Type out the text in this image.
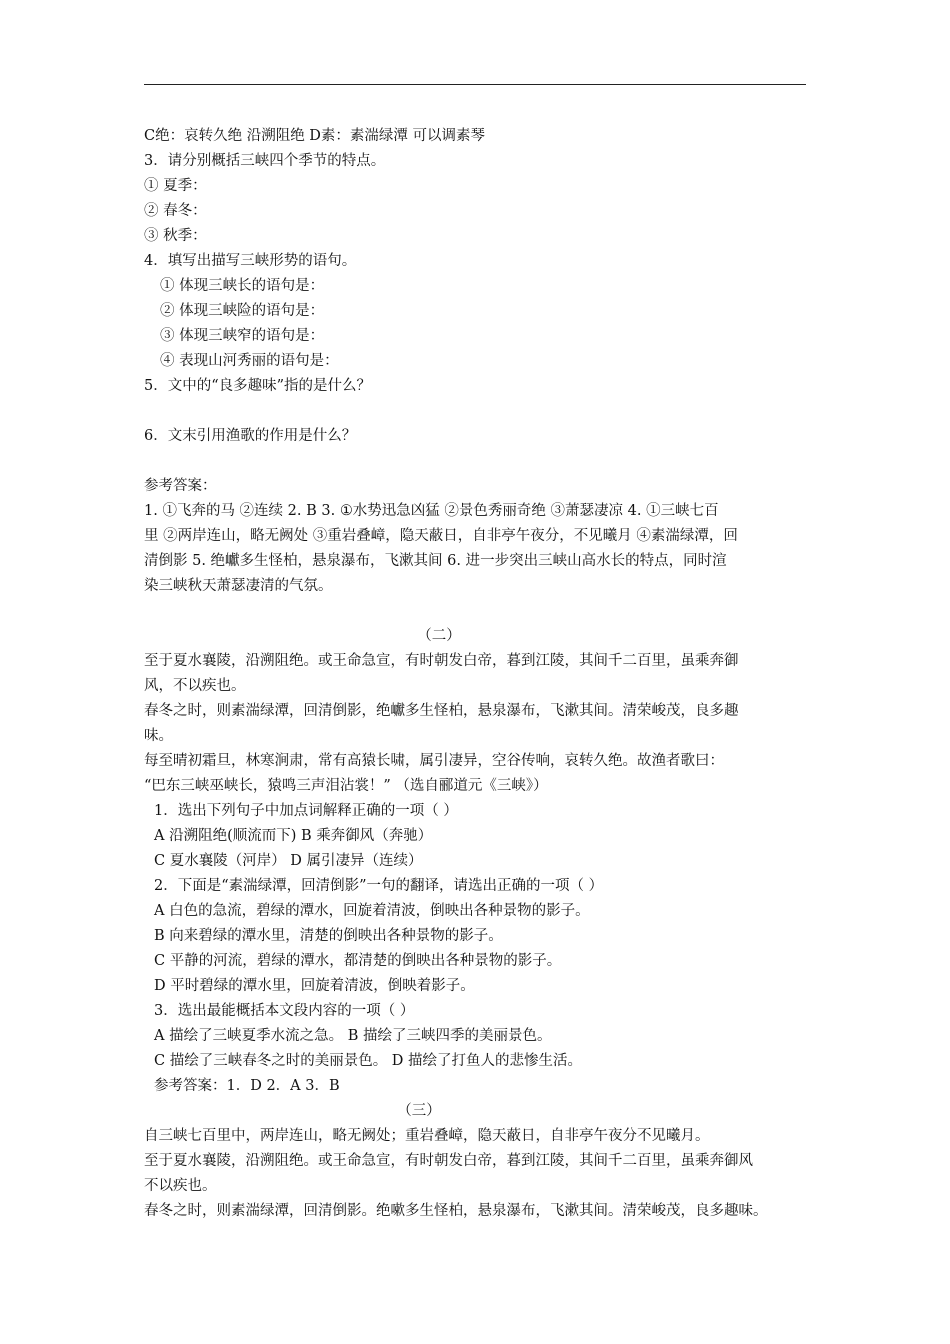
C绝：哀转久绝 沿溯阻绝 D素：素湍绿潭 可以调素琴
3．请分别概括三峡四个季节的特点。
① 夏季：
② 春冬：
③ 秋季：
4．填写出描写三峡形势的语句。
① 体现三峡长的语句是：
② 体现三峡险的语句是：
③ 体现三峡窄的语句是：
④ 表现山河秀丽的语句是：
5．文中的“良多趣味”指的是什么？
6．文末引用渔歌的作用是什么？
参考答案：
1. ①飞奔的马 ②连续 2. B 3. ①水势迅急凶猛 ②景色秀丽奇绝 ③萧瑟凄凉 4. ①三峡七百
里 ②两岸连山，略无阙处 ③重岩叠嶂，隐天蔽日，自非亭午夜分，不见曦月 ④素湍绿潭，回
清倒影 5. 绝巘多生怪柏，悬泉瀑布，飞漱其间 6. 进一步突出三峡山高水长的特点，同时渲
染三峡秋天萧瑟凄清的气氛。
（二）
至于夏水襄陵，沿溯阻绝。或王命急宣，有时朝发白帝，暮到江陵，其间千二百里，虽乘奔御
风，不以疾也。
春冬之时，则素湍绿潭，回清倒影，绝巘多生怪柏，悬泉瀑布，飞漱其间。清荣峻茂，良多趣
味。
每至晴初霜旦，林寒涧肃，常有高猿长啸，属引凄异，空谷传响，哀转久绝。故渔者歌曰：
“巴东三峡巫峡长，猿鸣三声泪沾裳！” （选自郦道元《三峡》）
1．选出下列句子中加点词解释正确的一项（ ）
A 沿溯阻绝(顺流而下) B 乘奔御风（奔驰）
C 夏水襄陵（河岸） D 属引凄异（连续）
2．下面是“素湍绿潭，回清倒影”一句的翻译，请选出正确的一项（ ）
A 白色的急流，碧绿的潭水，回旋着清波，倒映出各种景物的影子。
B 向来碧绿的潭水里，清楚的倒映出各种景物的影子。
C 平静的河流，碧绿的潭水，都清楚的倒映出各种景物的影子。
D 平时碧绿的潭水里，回旋着清波，倒映着影子。
3．选出最能概括本文段内容的一项（ ）
A 描绘了三峡夏季水流之急。 B 描绘了三峡四季的美丽景色。
C 描绘了三峡春冬之时的美丽景色。 D 描绘了打鱼人的悲惨生活。
参考答案：1．D 2．A 3．B
（三）
自三峡七百里中，两岸连山，略无阙处；重岩叠嶂，隐天蔽日，自非亭午夜分不见曦月。
至于夏水襄陵，沿溯阻绝。或王命急宣，有时朝发白帝，暮到江陵，其间千二百里，虽乘奔御风
不以疾也。
春冬之时，则素湍绿潭，回清倒影。绝嗽多生怪柏，悬泉瀑布，飞漱其间。清荣峻茂，良多趣味。
